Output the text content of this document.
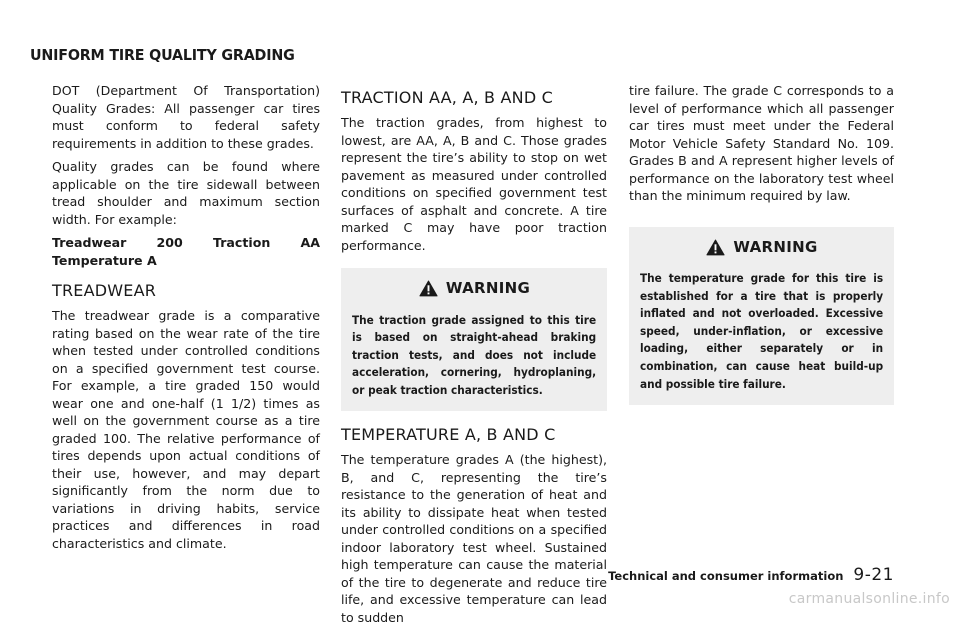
UNIFORM TIRE QUALITY GRADING

DOT (Department Of Transportation) Quality Grades: All passenger car tires must conform to federal safety requirements in addition to these grades.

Quality grades can be found where applicable on the tire sidewall between tread shoulder and maximum section width. For example:

Treadwear 200 Traction AA Temperature A

TREADWEAR

The treadwear grade is a comparative rating based on the wear rate of the tire when tested under controlled conditions on a specified government test course. For example, a tire graded 150 would wear one and one-half (1 1/2) times as well on the government course as a tire graded 100. The relative performance of tires depends upon actual conditions of their use, however, and may depart significantly from the norm due to variations in driving habits, service practices and differences in road characteristics and climate.

TRACTION AA, A, B AND C

The traction grades, from highest to lowest, are AA, A, B and C. Those grades represent the tire’s ability to stop on wet pavement as measured under controlled conditions on specified government test surfaces of asphalt and concrete. A tire marked C may have poor traction performance.

WARNING
The traction grade assigned to this tire is based on straight-ahead braking traction tests, and does not include acceleration, cornering, hydroplaning, or peak traction characteristics.
TEMPERATURE A, B AND C

The temperature grades A (the highest), B, and C, representing the tire’s resistance to the generation of heat and its ability to dissipate heat when tested under controlled conditions on a specified indoor laboratory test wheel. Sustained high temperature can cause the material of the tire to degenerate and reduce tire life, and excessive temperature can lead to sudden

tire failure. The grade C corresponds to a level of performance which all passenger car tires must meet under the Federal Motor Vehicle Safety Standard No. 109. Grades B and A represent higher levels of performance on the laboratory test wheel than the minimum required by law.

WARNING
The temperature grade for this tire is established for a tire that is properly inflated and not overloaded. Excessive speed, under-inflation, or excessive loading, either separately or in combination, can cause heat build-up and possible tire failure.
Technical and consumer information 9-21
carmanualsonline.info
